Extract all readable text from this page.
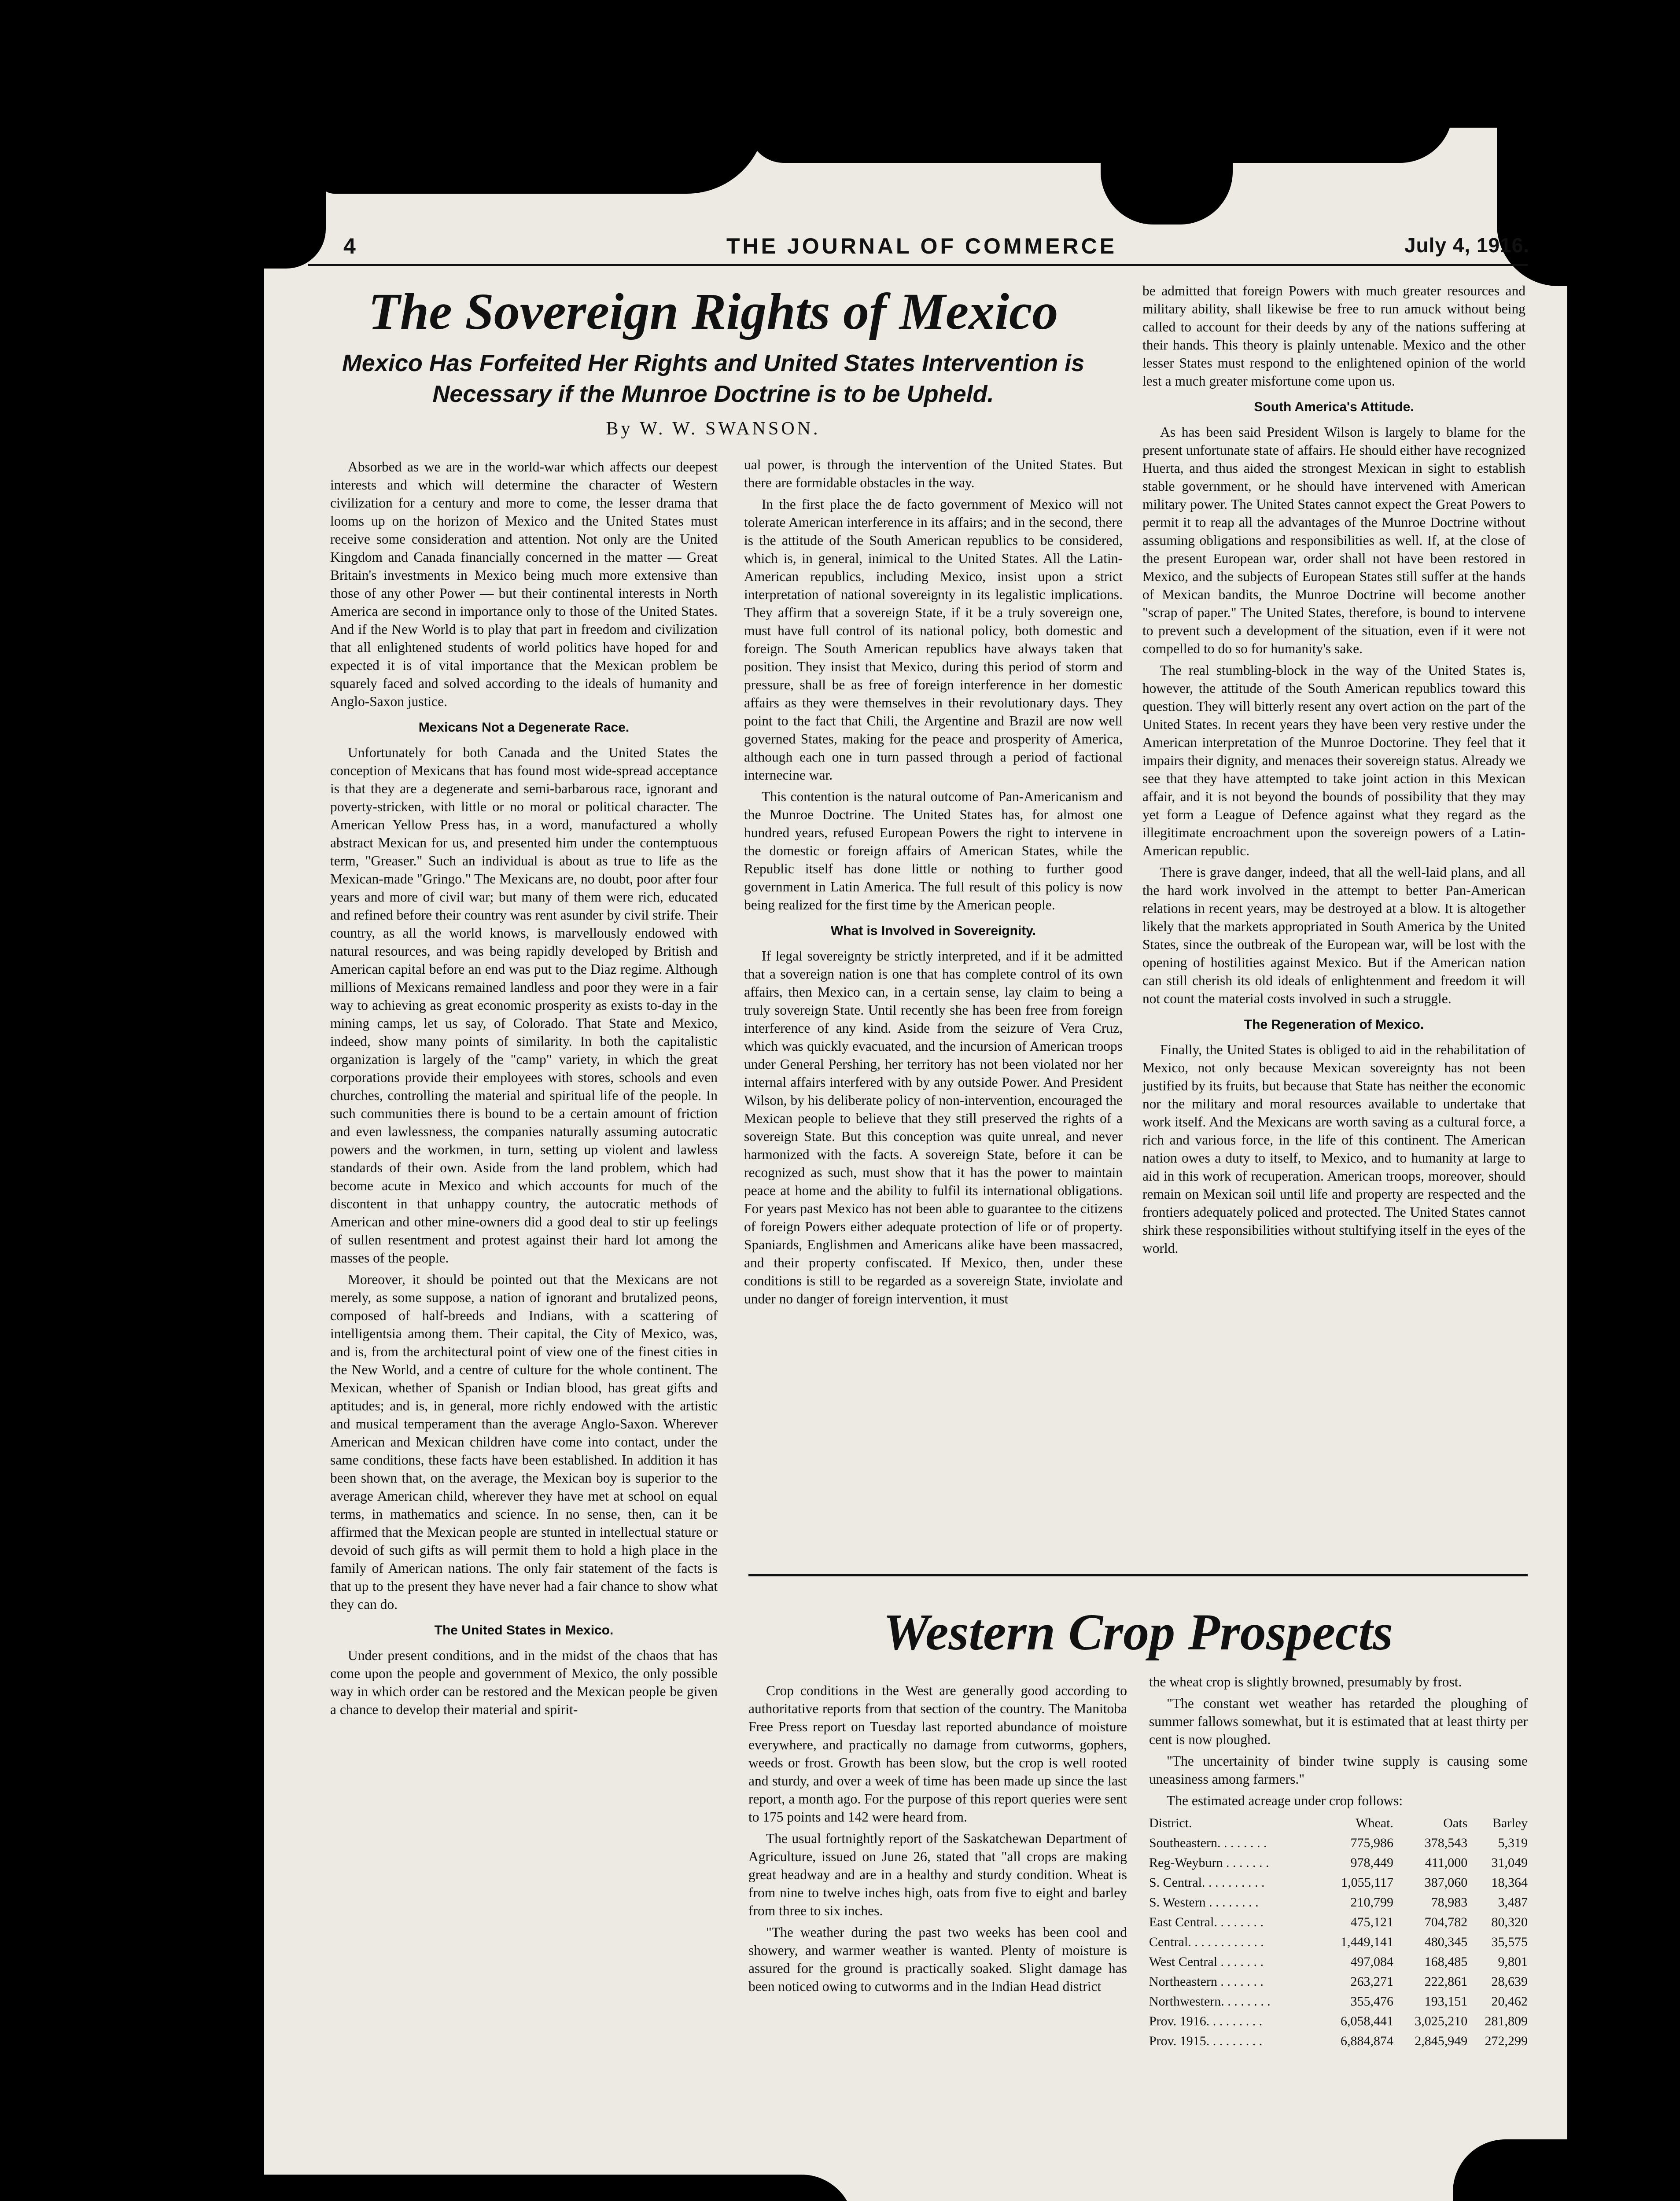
4	THE JOURNAL OF COMMERCE	July 4, 1916.
The Sovereign Rights of Mexico
Mexico Has Forfeited Her Rights and United States Intervention is Necessary if the Munroe Doctrine is to be Upheld.
By W. W. SWANSON.

Absorbed as we are in the world-war which affects our deepest interests and which will determine the character of Western civilization for a century and more to come, the lesser drama that looms up on the horizon of Mexico and the United States must receive some consideration and attention. Not only are the United Kingdom and Canada financially concerned in the matter — Great Britain's investments in Mexico being much more extensive than those of any other Power — but their continental interests in North America are second in importance only to those of the United States. And if the New World is to play that part in freedom and civilization that all enlightened students of world politics have hoped for and expected it is of vital importance that the Mexican problem be squarely faced and solved according to the ideals of humanity and Anglo-Saxon justice.

Mexicans Not a Degenerate Race.

Unfortunately for both Canada and the United States the conception of Mexicans that has found most wide-spread acceptance is that they are a degenerate and semi-barbarous race, ignorant and poverty-stricken, with little or no moral or political character. The American Yellow Press has, in a word, manufactured a wholly abstract Mexican for us, and presented him under the contemptuous term, "Greaser." Such an individual is about as true to life as the Mexican-made "Gringo." The Mexicans are, no doubt, poor after four years and more of civil war; but many of them were rich, educated and refined before their country was rent asunder by civil strife. Their country, as all the world knows, is marvellously endowed with natural resources, and was being rapidly developed by British and American capital before an end was put to the Diaz regime. Although millions of Mexicans remained landless and poor they were in a fair way to achieving as great economic prosperity as exists to-day in the mining camps, let us say, of Colorado. That State and Mexico, indeed, show many points of similarity. In both the capitalistic organization is largely of the "camp" variety, in which the great corporations provide their employees with stores, schools and even churches, controlling the material and spiritual life of the people. In such communities there is bound to be a certain amount of friction and even lawlessness, the companies naturally assuming autocratic powers and the workmen, in turn, setting up violent and lawless standards of their own. Aside from the land problem, which had become acute in Mexico and which accounts for much of the discontent in that unhappy country, the autocratic methods of American and other mine-owners did a good deal to stir up feelings of sullen resentment and protest against their hard lot among the masses of the people.

Moreover, it should be pointed out that the Mexicans are not merely, as some suppose, a nation of ignorant and brutalized peons, composed of half-breeds and Indians, with a scattering of intelligentsia among them. Their capital, the City of Mexico, was, and is, from the architectural point of view one of the finest cities in the New World, and a centre of culture for the whole continent. The Mexican, whether of Spanish or Indian blood, has great gifts and aptitudes; and is, in general, more richly endowed with the artistic and musical temperament than the average Anglo-Saxon. Wherever American and Mexican children have come into contact, under the same conditions, these facts have been established. In addition it has been shown that, on the average, the Mexican boy is superior to the average American child, wherever they have met at school on equal terms, in mathematics and science. In no sense, then, can it be affirmed that the Mexican people are stunted in intellectual stature or devoid of such gifts as will permit them to hold a high place in the family of American nations. The only fair statement of the facts is that up to the present they have never had a fair chance to show what they can do.

The United States in Mexico.

Under present conditions, and in the midst of the chaos that has come upon the people and government of Mexico, the only possible way in which order can be restored and the Mexican people be given a chance to develop their material and spirit-

ual power, is through the intervention of the United States. But there are formidable obstacles in the way.

In the first place the de facto government of Mexico will not tolerate American interference in its affairs; and in the second, there is the attitude of the South American republics to be considered, which is, in general, inimical to the United States. All the Latin-American republics, including Mexico, insist upon a strict interpretation of national sovereignty in its legalistic implications. They affirm that a sovereign State, if it be a truly sovereign one, must have full control of its national policy, both domestic and foreign. The South American republics have always taken that position. They insist that Mexico, during this period of storm and pressure, shall be as free of foreign interference in her domestic affairs as they were themselves in their revolutionary days. They point to the fact that Chili, the Argentine and Brazil are now well governed States, making for the peace and prosperity of America, although each one in turn passed through a period of factional internecine war.

This contention is the natural outcome of Pan-Americanism and the Munroe Doctrine. The United States has, for almost one hundred years, refused European Powers the right to intervene in the domestic or foreign affairs of American States, while the Republic itself has done little or nothing to further good government in Latin America. The full result of this policy is now being realized for the first time by the American people.

What is Involved in Sovereignity.

If legal sovereignty be strictly interpreted, and if it be admitted that a sovereign nation is one that has complete control of its own affairs, then Mexico can, in a certain sense, lay claim to being a truly sovereign State. Until recently she has been free from foreign interference of any kind. Aside from the seizure of Vera Cruz, which was quickly evacuated, and the incursion of American troops under General Pershing, her territory has not been violated nor her internal affairs interfered with by any outside Power. And President Wilson, by his deliberate policy of non-intervention, encouraged the Mexican people to believe that they still preserved the rights of a sovereign State. But this conception was quite unreal, and never harmonized with the facts. A sovereign State, before it can be recognized as such, must show that it has the power to maintain peace at home and the ability to fulfil its international obligations. For years past Mexico has not been able to guarantee to the citizens of foreign Powers either adequate protection of life or of property. Spaniards, Englishmen and Americans alike have been massacred, and their property confiscated. If Mexico, then, under these conditions is still to be regarded as a sovereign State, inviolate and under no danger of foreign intervention, it must

be admitted that foreign Powers with much greater resources and military ability, shall likewise be free to run amuck without being called to account for their deeds by any of the nations suffering at their hands. This theory is plainly untenable. Mexico and the other lesser States must respond to the enlightened opinion of the world lest a much greater misfortune come upon us.

South America's Attitude.

As has been said President Wilson is largely to blame for the present unfortunate state of affairs. He should either have recognized Huerta, and thus aided the strongest Mexican in sight to establish stable government, or he should have intervened with American military power. The United States cannot expect the Great Powers to permit it to reap all the advantages of the Munroe Doctrine without assuming obligations and responsibilities as well. If, at the close of the present European war, order shall not have been restored in Mexico, and the subjects of European States still suffer at the hands of Mexican bandits, the Munroe Doctrine will become another "scrap of paper." The United States, therefore, is bound to intervene to prevent such a development of the situation, even if it were not compelled to do so for humanity's sake.

The real stumbling-block in the way of the United States is, however, the attitude of the South American republics toward this question. They will bitterly resent any overt action on the part of the United States. In recent years they have been very restive under the American interpretation of the Munroe Doctorine. They feel that it impairs their dignity, and menaces their sovereign status. Already we see that they have attempted to take joint action in this Mexican affair, and it is not beyond the bounds of possibility that they may yet form a League of Defence against what they regard as the illegitimate encroachment upon the sovereign powers of a Latin-American republic.

There is grave danger, indeed, that all the well-laid plans, and all the hard work involved in the attempt to better Pan-American relations in recent years, may be destroyed at a blow. It is altogether likely that the markets appropriated in South America by the United States, since the outbreak of the European war, will be lost with the opening of hostilities against Mexico. But if the American nation can still cherish its old ideals of enlightenment and freedom it will not count the material costs involved in such a struggle.

The Regeneration of Mexico.

Finally, the United States is obliged to aid in the rehabilitation of Mexico, not only because Mexican sovereignty has not been justified by its fruits, but because that State has neither the economic nor the military and moral resources available to undertake that work itself. And the Mexicans are worth saving as a cultural force, a rich and various force, in the life of this continent. The American nation owes a duty to itself, to Mexico, and to humanity at large to aid in this work of recuperation. American troops, moreover, should remain on Mexican soil until life and property are respected and the frontiers adequately policed and protected. The United States cannot shirk these responsibilities without stultifying itself in the eyes of the world.

Western Crop Prospects

Crop conditions in the West are generally good according to authoritative reports from that section of the country. The Manitoba Free Press report on Tuesday last reported abundance of moisture everywhere, and practically no damage from cutworms, gophers, weeds or frost. Growth has been slow, but the crop is well rooted and sturdy, and over a week of time has been made up since the last report, a month ago. For the purpose of this report queries were sent to 175 points and 142 were heard from.

The usual fortnightly report of the Saskatchewan Department of Agriculture, issued on June 26, stated that "all crops are making great headway and are in a healthy and sturdy condition. Wheat is from nine to twelve inches high, oats from five to eight and barley from three to six inches.

"The weather during the past two weeks has been cool and showery, and warmer weather is wanted. Plenty of moisture is assured for the ground is practically soaked. Slight damage has been noticed owing to cutworms and in the Indian Head district

the wheat crop is slightly browned, presumably by frost.

"The constant wet weather has retarded the ploughing of summer fallows somewhat, but it is estimated that at least thirty per cent is now ploughed.

"The uncertainity of binder twine supply is causing some uneasiness among farmers."

The estimated acreage under crop follows:

District.	Wheat.	Oats	Barley
Southeastern. . . . . . . .	775,986	378,543	5,319
Reg-Weyburn . . . . . . .	978,449	411,000	31,049
S. Central. . . . . . . . . .	1,055,117	387,060	18,364
S. Western . . . . . . . .	210,799	78,983	3,487
East Central. . . . . . . .	475,121	704,782	80,320
Central. . . . . . . . . . . .	1,449,141	480,345	35,575
West Central . . . . . . .	497,084	168,485	9,801
Northeastern . . . . . . .	263,271	222,861	28,639
Northwestern. . . . . . . .	355,476	193,151	20,462
Prov. 1916. . . . . . . . .	6,058,441	3,025,210	281,809
Prov. 1915. . . . . . . . .	6,884,874	2,845,949	272,299
